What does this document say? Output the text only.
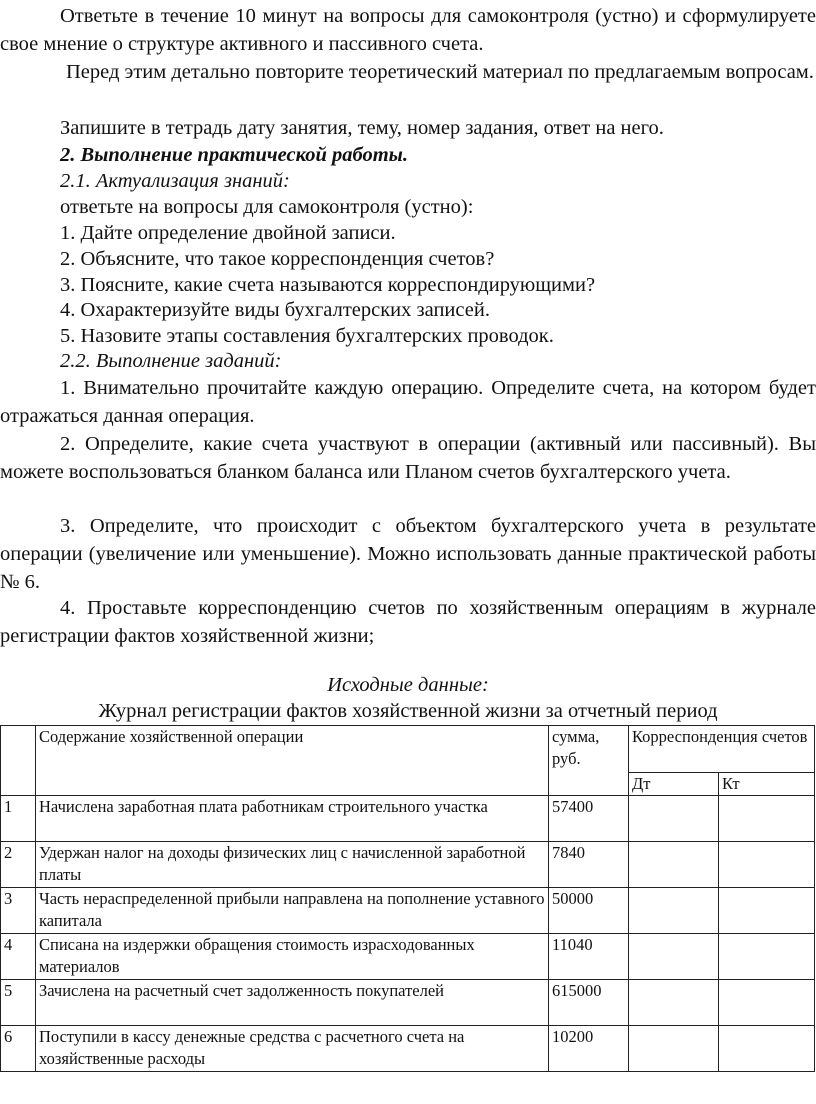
Ответьте в течение 10 минут на вопросы для самоконтроля (устно) и сформулируете свое мнение о структуре активного и пассивного счета.

Перед этим детально повторите теоретический материал по предлагаемым вопросам.

Запишите в тетрадь дату занятия, тему, номер задания, ответ на него.

2. Выполнение практической работы.

2.1. Актуализация знаний:

ответьте на вопросы для самоконтроля (устно):

1. Дайте определение двойной записи.

2. Объясните, что такое корреспонденция счетов?

3. Поясните, какие счета называются корреспондирующими?

4. Охарактеризуйте виды бухгалтерских записей.

5. Назовите этапы составления бухгалтерских проводок.

2.2. Выполнение заданий:

1. Внимательно прочитайте каждую операцию. Определите счета, на котором будет отражаться данная операция.

2. Определите, какие счета участвуют в операции (активный или пассивный). Вы можете воспользоваться бланком баланса или Планом счетов бухгалтерского учета.

3. Определите, что происходит с объектом бухгалтерского учета в результате операции (увеличение или уменьшение). Можно использовать данные практической работы № 6.

4. Проставьте корреспонденцию счетов по хозяйственным операциям в журнале регистрации фактов хозяйственной жизни;

Исходные данные:

Журнал регистрации фактов хозяйственной жизни за отчетный период

	Содержание хозяйственной операции	сумма, руб.	Корреспонденция счетов	
			Дт	Кт
1	Начислена заработная плата работникам строительного участка	57400		
2	Удержан налог на доходы физических лиц с начисленной заработной платы	7840		
3	Часть нераспределенной прибыли направлена на пополнение уставного капитала	50000		
4	Списана на издержки обращения стоимость израсходованных материалов	11040		
5	Зачислена на расчетный счет задолженность покупателей	615000		
6	Поступили в кассу денежные средства с расчетного счета на хозяйственные расходы	10200		
